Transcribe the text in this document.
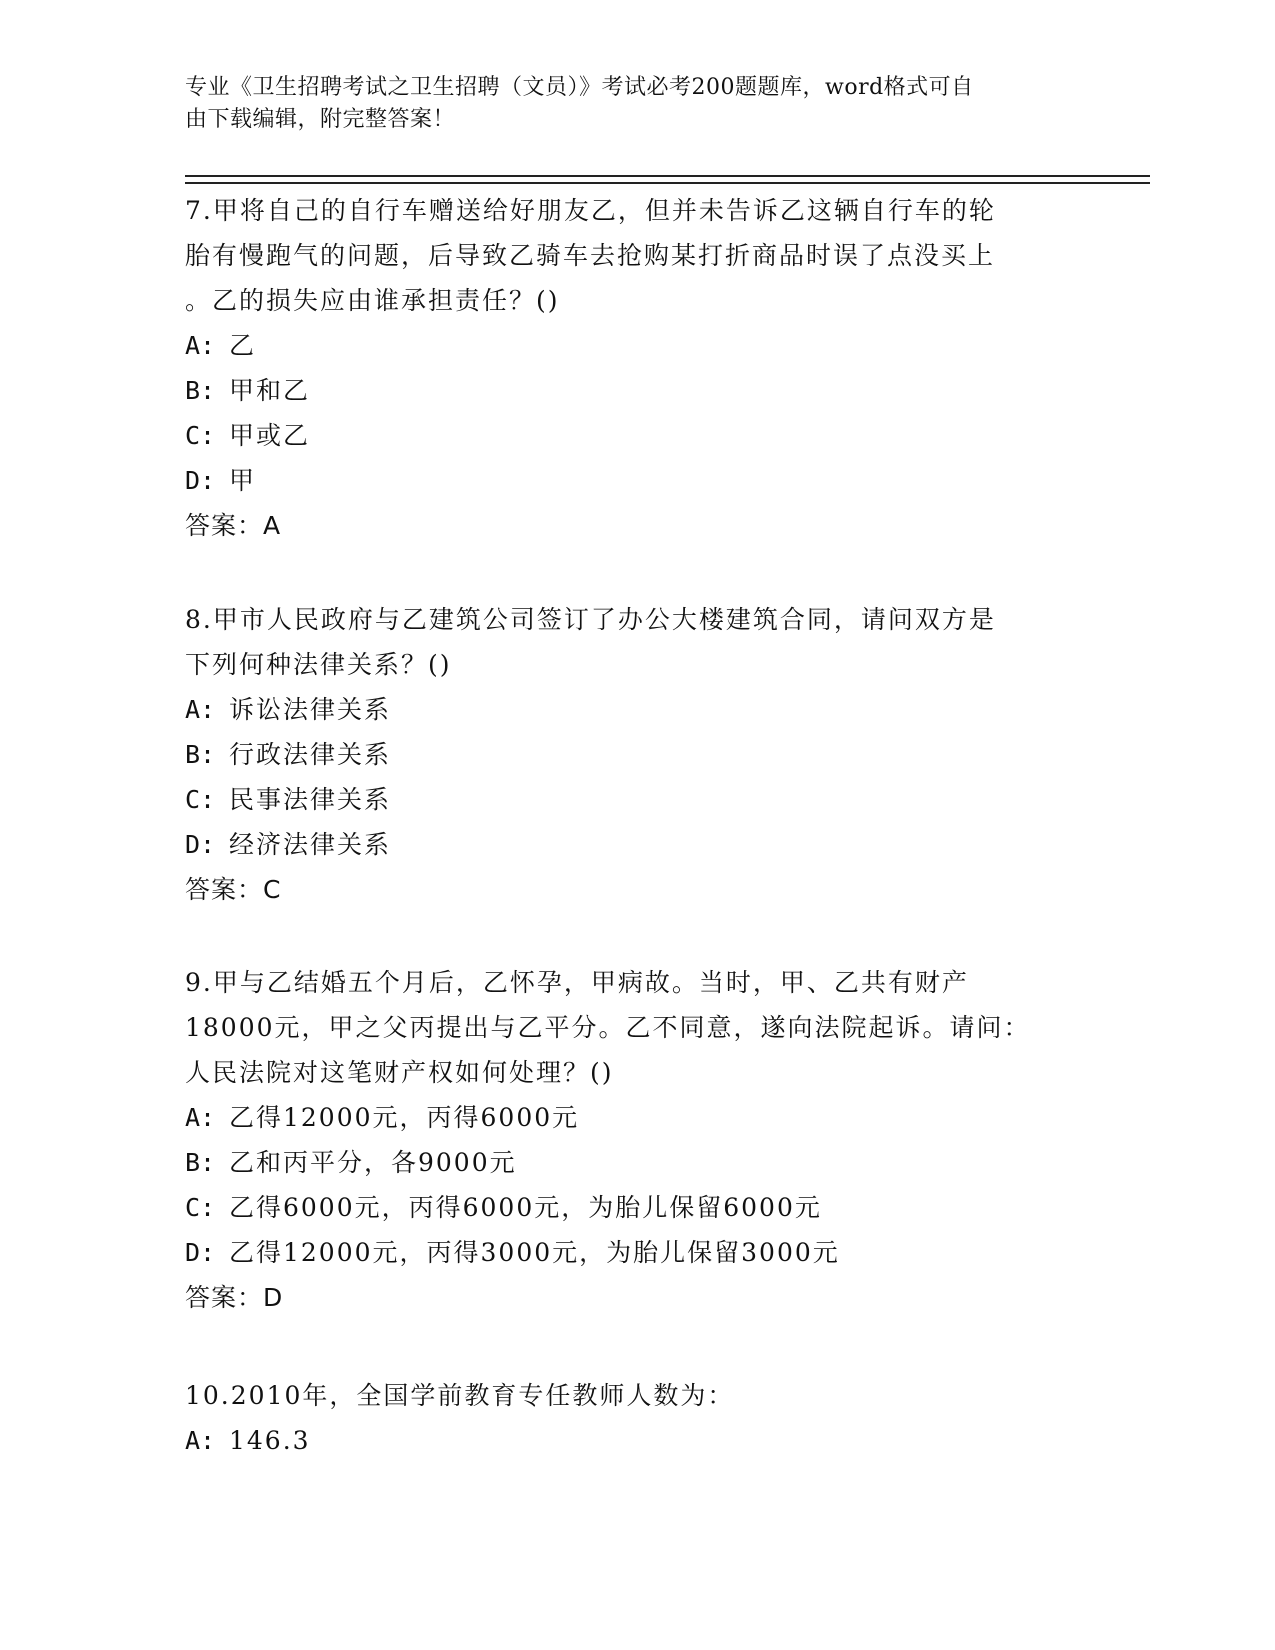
专业《卫生招聘考试之卫生招聘（文员）》考试必考200题题库，word格式可自
由下载编辑，附完整答案！
7.甲将自己的自行车赠送给好朋友乙，但并未告诉乙这辆自行车的轮
胎有慢跑气的问题，后导致乙骑车去抢购某打折商品时误了点没买上
。乙的损失应由谁承担责任？()
A: 乙
B: 甲和乙
C: 甲或乙
D: 甲
答案：A
8.甲市人民政府与乙建筑公司签订了办公大楼建筑合同，请问双方是
下列何种法律关系？()
A: 诉讼法律关系
B: 行政法律关系
C: 民事法律关系
D: 经济法律关系
答案：C
9.甲与乙结婚五个月后，乙怀孕，甲病故。当时，甲、乙共有财产
18000元，甲之父丙提出与乙平分。乙不同意，遂向法院起诉。请问：
人民法院对这笔财产权如何处理？()
A: 乙得12000元，丙得6000元
B: 乙和丙平分，各9000元
C: 乙得6000元，丙得6000元，为胎儿保留6000元
D: 乙得12000元，丙得3000元，为胎儿保留3000元
答案：D
10.2010年，全国学前教育专任教师人数为：
A: 146.3
